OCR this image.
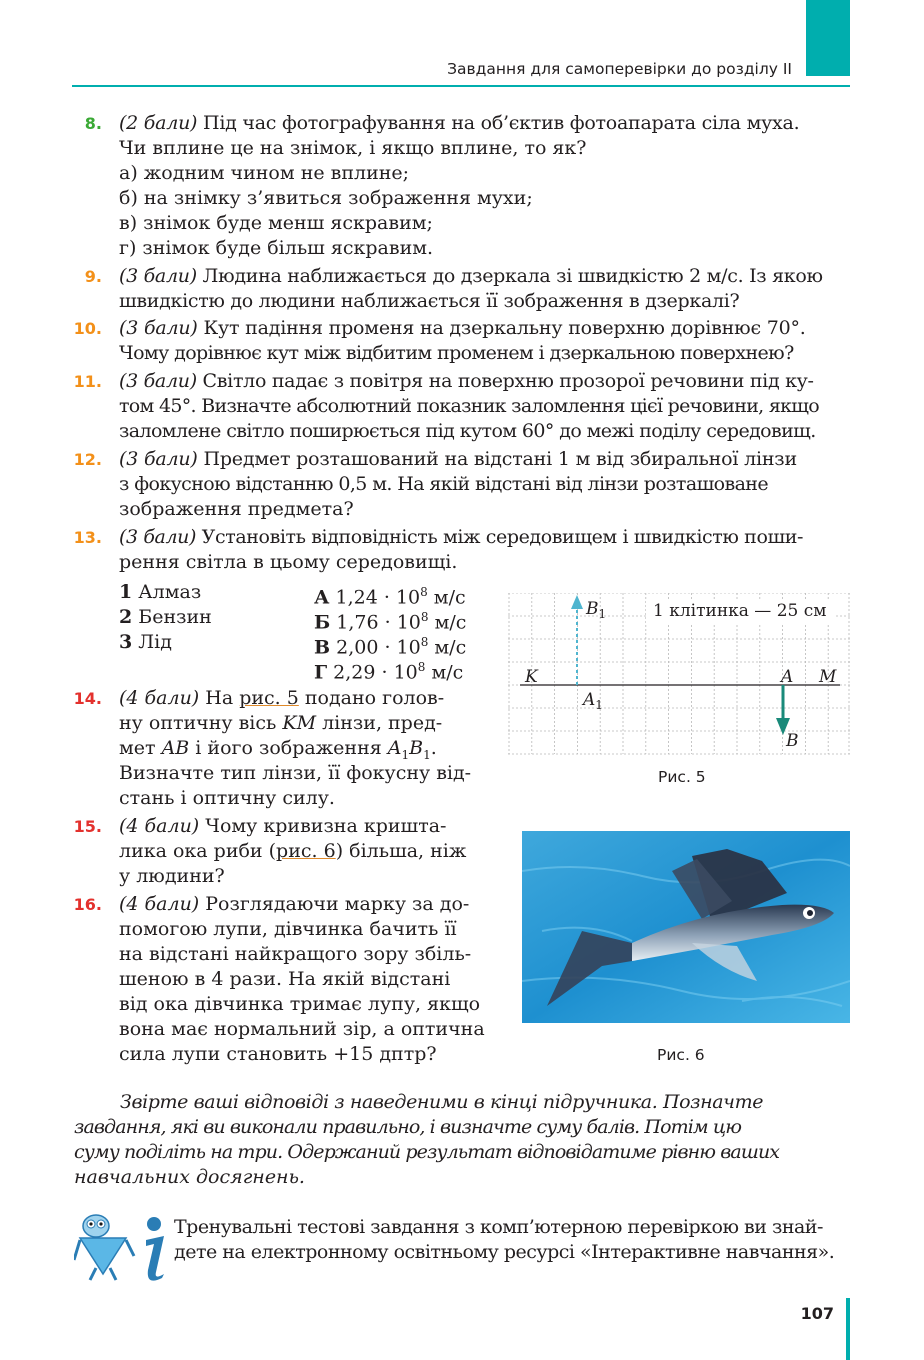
Завдання для самоперевірки до розділу ІІ
8. (2 бали) Під час фотографування на об’єктив фотоапарата сіла муха.
Чи вплине це на знімок, і якщо вплине, то як?
а) жодним чином не вплине;
б) на знімку з’явиться зображення мухи;
в) знімок буде менш яскравим;
г) знімок буде більш яскравим.
9. (3 бали) Людина наближається до дзеркала зі швидкістю 2 м/с. Із якою
швидкістю до людини наближається її зображення в дзеркалі?
10. (3 бали) Кут падіння променя на дзеркальну поверхню дорівнює 70°.
Чому дорівнює кут між відбитим променем і дзеркальною поверхнею?
11. (3 бали) Світло падає з повітря на поверхню прозорої речовини під ку-
том 45°. Визначте абсолютний показник заломлення цієї речовини, якщо
заломлене світло поширюється під кутом 60° до межі поділу середовищ.
12. (3 бали) Предмет розташований на відстані 1 м від збиральної лінзи
з фокусною відстанню 0,5 м. На якій відстані від лінзи розташоване
зображення предмета?
13. (3 бали) Установіть відповідність між середовищем і швидкістю поши-
рення світла в цьому середовищі.
1 Алмаз
2 Бензин
3 Лід
А $1,24 \cdot 10^8$ м/с
Б $1,76 \cdot 10^8$ м/с
В $2,00 \cdot 10^8$ м/с
Г $2,29 \cdot 10^8$ м/с
1 клітинка — 25 см
K	M
A
B
$A_1$
$B_1$
Рис. 5
14. (4 бали) На рис. 5 подано голов-
ну оптичну вісь KM лінзи, пред-
мет AB і його зображення $A_1B_1$.
Визначте тип лінзи, її фокусну від-
стань і оптичну силу.
15. (4 бали) Чому кривизна кришта-
лика ока риби (рис. 6) більша, ніж
у людини?
Рис. 6
16. (4 бали) Розглядаючи марку за до-
помогою лупи, дівчинка бачить її
на відстані найкращого зору збіль-
шеною в 4 рази. На якій відстані
від ока дівчинка тримає лупу, якщо
вона має нормальний зір, а оптична
сила лупи становить +15 дптр?
Звірте ваші відповіді з наведеними в кінці підручника. Позначте
завдання, які ви виконали правильно, і визначте суму балів. Потім цю
суму поділіть на три. Одержаний результат відповідатиме рівню ваших
навчальних досягнень.
Тренувальні тестові завдання з комп’ютерною перевіркою ви знай-
дете на електронному освітньому ресурсі «Інтерактивне навчання».
107
